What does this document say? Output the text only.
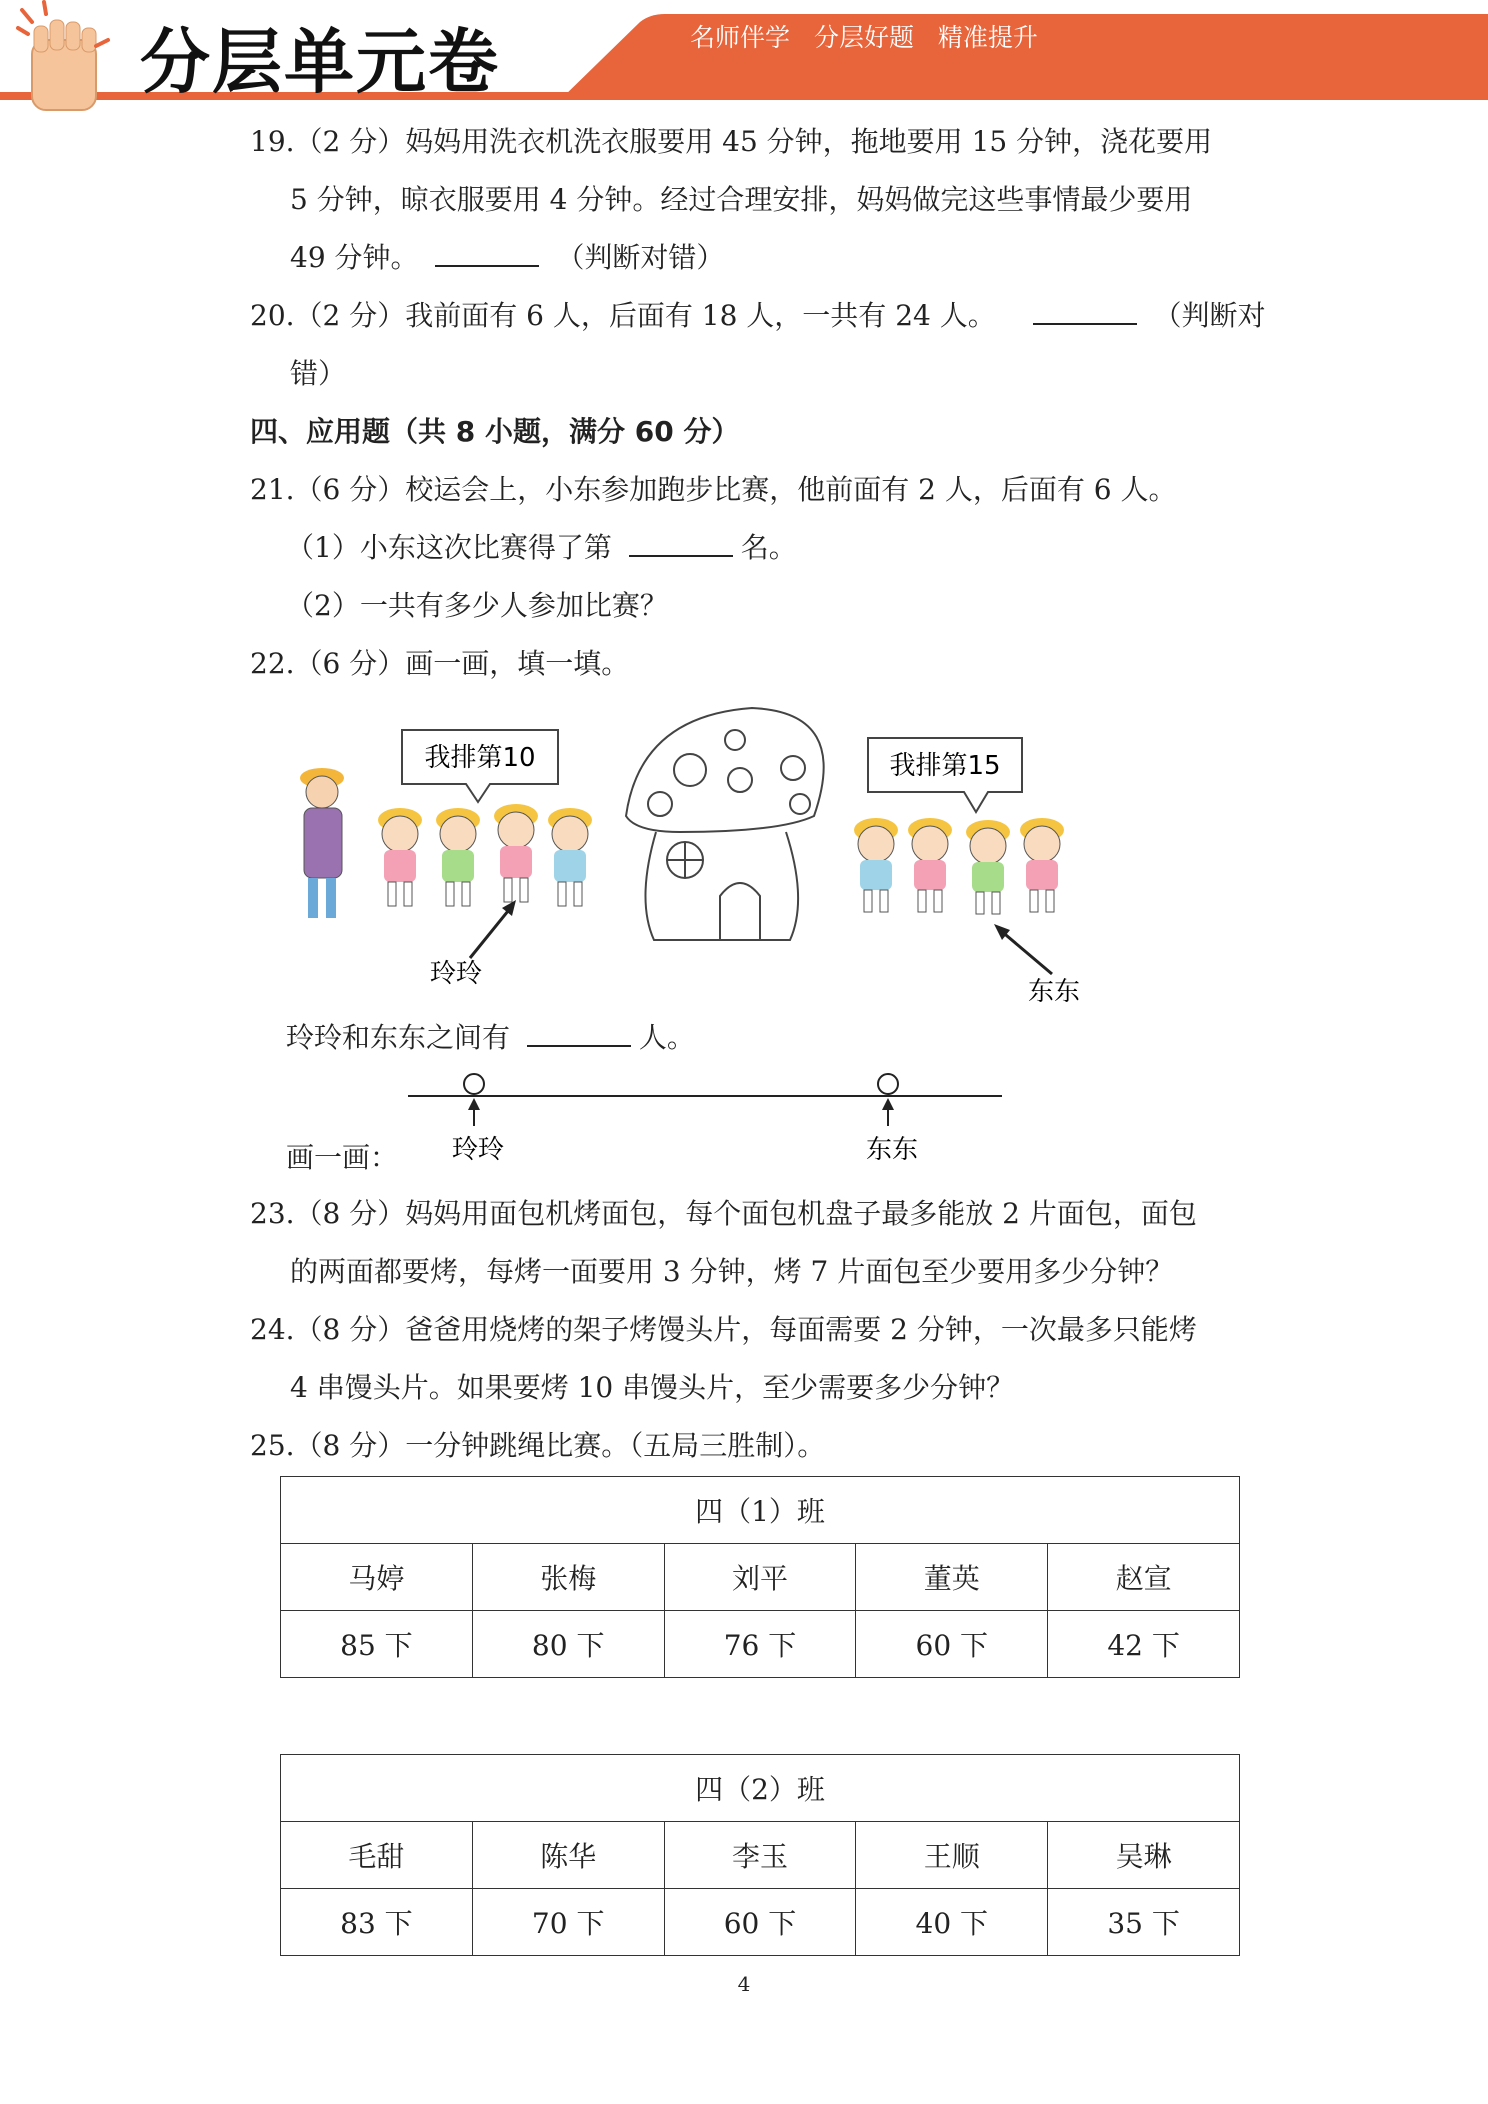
分层单元卷	名师伴学 分层好题 精准提升
19.（2 分）妈妈用洗衣机洗衣服要用 45 分钟，拖地要用 15 分钟，浇花要用
5 分钟，晾衣服要用 4 分钟。经过合理安排，妈妈做完这些事情最少要用
49 分钟。	（判断对错）
20.（2 分）我前面有 6 人，后面有 18 人，一共有 24 人。	（判断对
错）
四、应用题（共 8 小题，满分 60 分）
21.（6 分）校运会上，小东参加跑步比赛，他前面有 2 人，后面有 6 人。
（1）小东这次比赛得了第	名。
（2）一共有多少人参加比赛？
22.（6 分）画一画，填一填。
我排第10
玲玲
我排第15
东东
玲玲和东东之间有	人。
玲玲	东东
画一画：
23.（8 分）妈妈用面包机烤面包，每个面包机盘子最多能放 2 片面包，面包
的两面都要烤，每烤一面要用 3 分钟，烤 7 片面包至少要用多少分钟？
24.（8 分）爸爸用烧烤的架子烤馒头片，每面需要 2 分钟，一次最多只能烤
4 串馒头片。如果要烤 10 串馒头片，至少需要多少分钟？
25.（8 分）一分钟跳绳比赛。（五局三胜制）。
四（1）班				
马婷	张梅	刘平	董英	赵宣
85 下	80 下	76 下	60 下	42 下
四（2）班				
毛甜	陈华	李玉	王顺	吴琳
83 下	70 下	60 下	40 下	35 下
4
